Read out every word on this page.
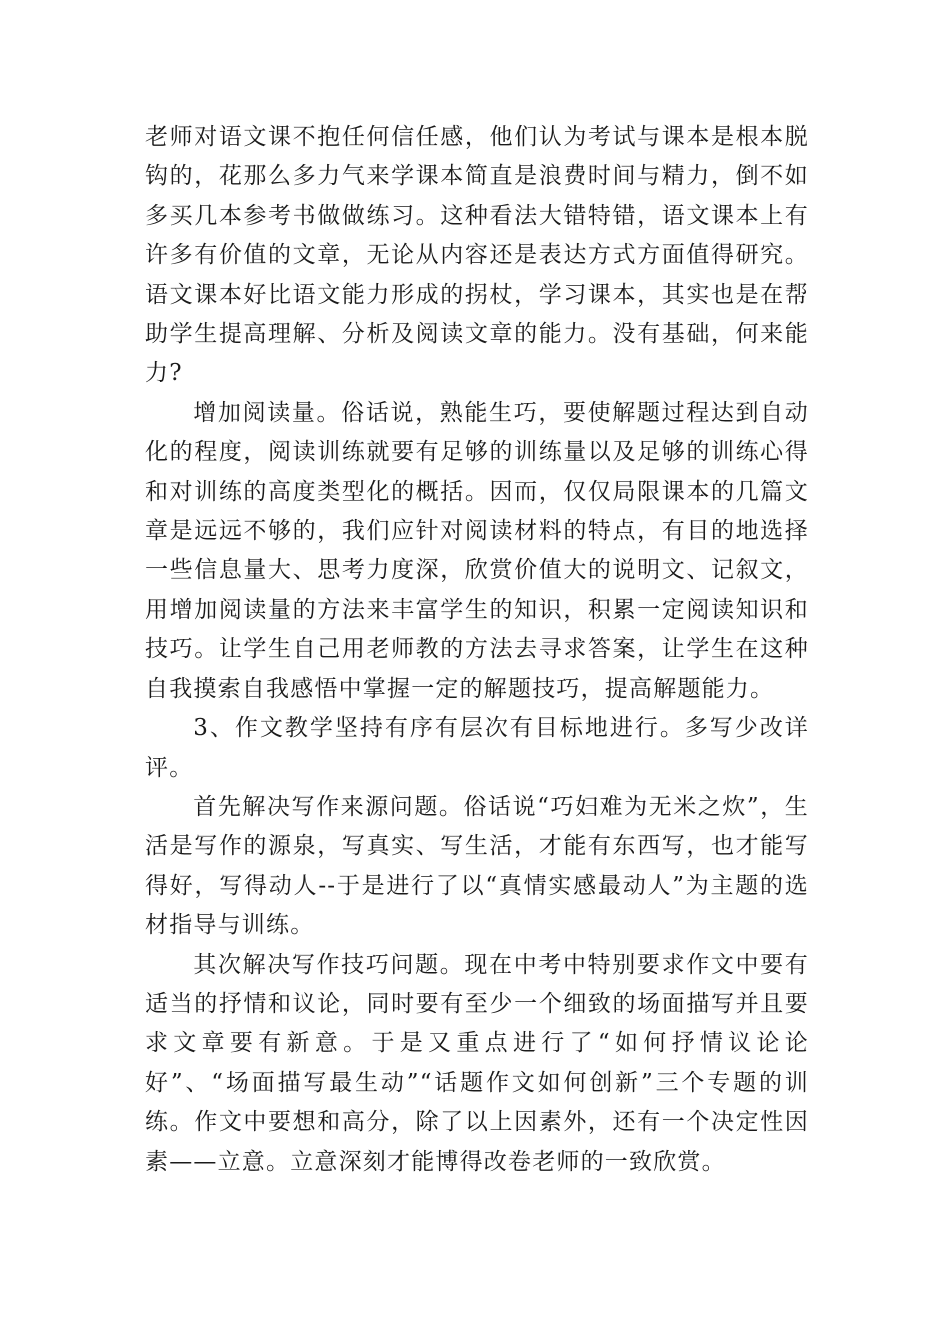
老师对语文课不抱任何信任感，他们认为考试与课本是根本脱钩的，花那么多力气来学课本简直是浪费时间与精力，倒不如多买几本参考书做做练习。这种看法大错特错，语文课本上有许多有价值的文章，无论从内容还是表达方式方面值得研究。语文课本好比语文能力形成的拐杖，学习课本，其实也是在帮助学生提高理解、分析及阅读文章的能力。没有基础，何来能力?

增加阅读量。俗话说，熟能生巧，要使解题过程达到自动化的程度，阅读训练就要有足够的训练量以及足够的训练心得和对训练的高度类型化的概括。因而，仅仅局限课本的几篇文章是远远不够的，我们应针对阅读材料的特点，有目的地选择一些信息量大、思考力度深，欣赏价值大的说明文、记叙文，用增加阅读量的方法来丰富学生的知识，积累一定阅读知识和技巧。让学生自己用老师教的方法去寻求答案，让学生在这种自我摸索自我感悟中掌握一定的解题技巧，提高解题能力。

3、作文教学坚持有序有层次有目标地进行。多写少改详评。

首先解决写作来源问题。俗话说“巧妇难为无米之炊”，生活是写作的源泉，写真实、写生活，才能有东西写，也才能写得好，写得动人--于是进行了以“真情实感最动人”为主题的选材指导与训练。

其次解决写作技巧问题。现在中考中特别要求作文中要有适当的抒情和议论，同时要有至少一个细致的场面描写并且要求文章要有新意。于是又重点进行了“如何抒情议论论好”、“场面描写最生动”“话题作文如何创新”三个专题的训练。作文中要想和高分，除了以上因素外，还有一个决定性因素——立意。立意深刻才能博得改卷老师的一致欣赏。
